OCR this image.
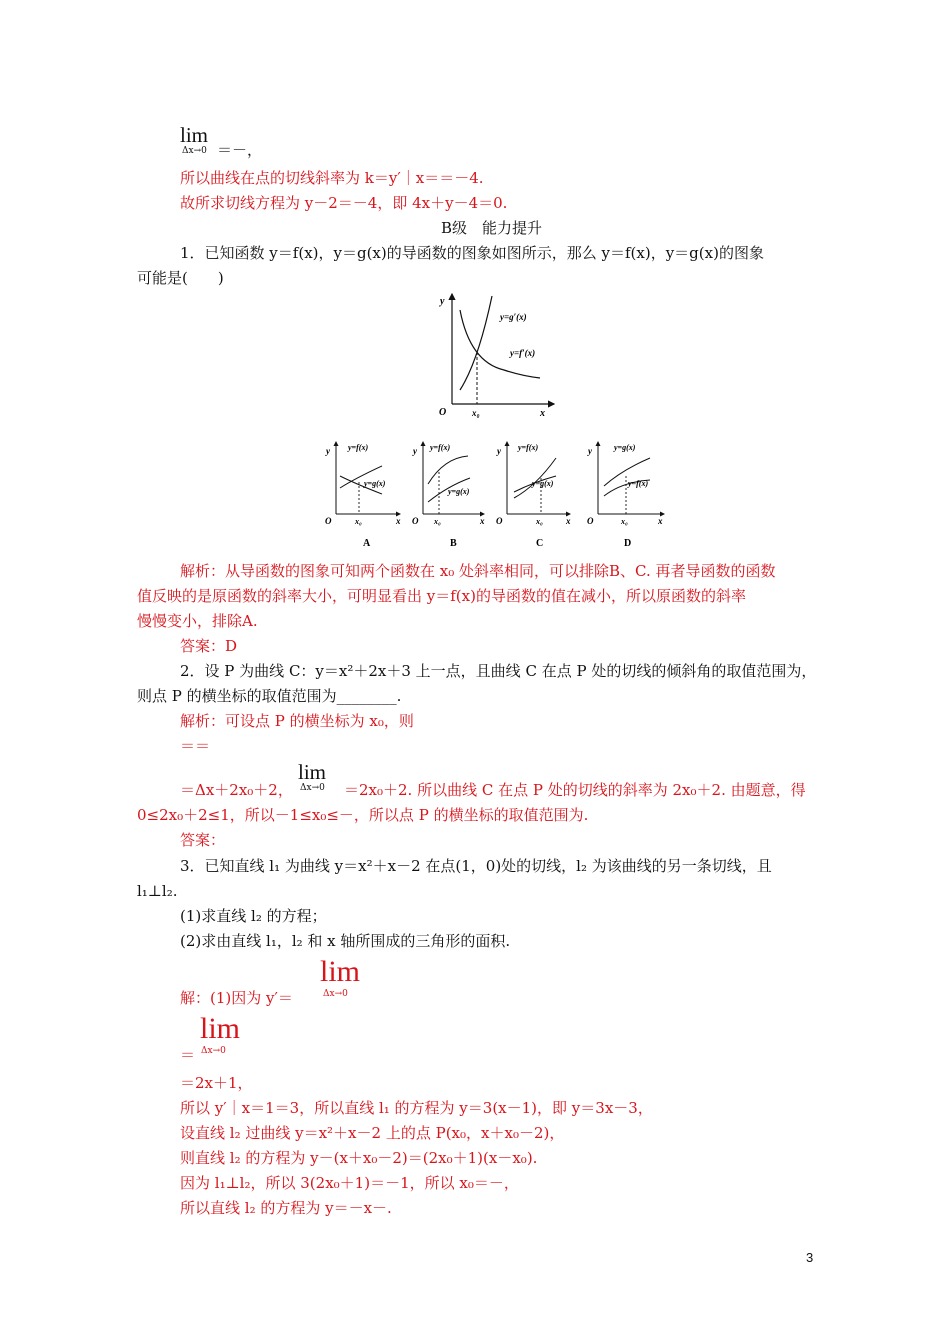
lim
Δx→0 ＝－，
所以曲线在点的切线斜率为 k＝y′｜x＝＝－4.
故所求切线方程为 y－2＝－4，即 4x＋y－4＝0.
B级　能力提升
1．已知函数 y＝f(x)，y＝g(x)的导函数的图象如图所示，那么 y＝f(x)，y＝g(x)的图象
可能是(　　)
y
x
O	x₀
y=g′(x)
y=f′(x)
y
x
O	x₀
y=f(x)
y=g(x)
A
y
x
O x₀
y=f(x)
y=g(x)
B
y
x
O	x₀
y=f(x)
y=g(x)
C
y
x
O	x₀
y=g(x)
y=f(x)
D
解析：从导函数的图象可知两个函数在 x₀ 处斜率相同，可以排除B、C. 再者导函数的函数
值反映的是原函数的斜率大小，可明显看出 y＝f(x)的导函数的值在减小，所以原函数的斜率
慢慢变小，排除A.
答案：D
2．设 P 为曲线 C：y＝x²＋2x＋3 上一点，且曲线 C 在点 P 处的切线的倾斜角的取值范围为，
则点 P 的横坐标的取值范围为________.
解析：可设点 P 的横坐标为 x₀，则
＝＝
lim
Δx→0
＝Δx＋2x₀＋2，	＝2x₀＋2. 所以曲线 C 在点 P 处的切线的斜率为 2x₀＋2. 由题意，得
0≤2x₀＋2≤1，所以－1≤x₀≤－，所以点 P 的横坐标的取值范围为.
答案：
3．已知直线 l₁ 为曲线 y＝x²＋x－2 在点(1，0)处的切线，l₂ 为该曲线的另一条切线，且
l₁⊥l₂.
(1)求直线 l₂ 的方程；
(2)求由直线 l₁，l₂ 和 x 轴所围成的三角形的面积.
lim
Δx→0
解：(1)因为 y′＝
lim
Δx→0
＝
＝2x＋1，
所以 y′｜x＝1＝3，所以直线 l₁ 的方程为 y＝3(x－1)，即 y＝3x－3，
设直线 l₂ 过曲线 y＝x²＋x－2 上的点 P(x₀，x＋x₀－2)，
则直线 l₂ 的方程为 y－(x＋x₀－2)＝(2x₀＋1)(x－x₀).
因为 l₁⊥l₂，所以 3(2x₀＋1)＝－1，所以 x₀＝－，
所以直线 l₂ 的方程为 y＝－x－.
3
